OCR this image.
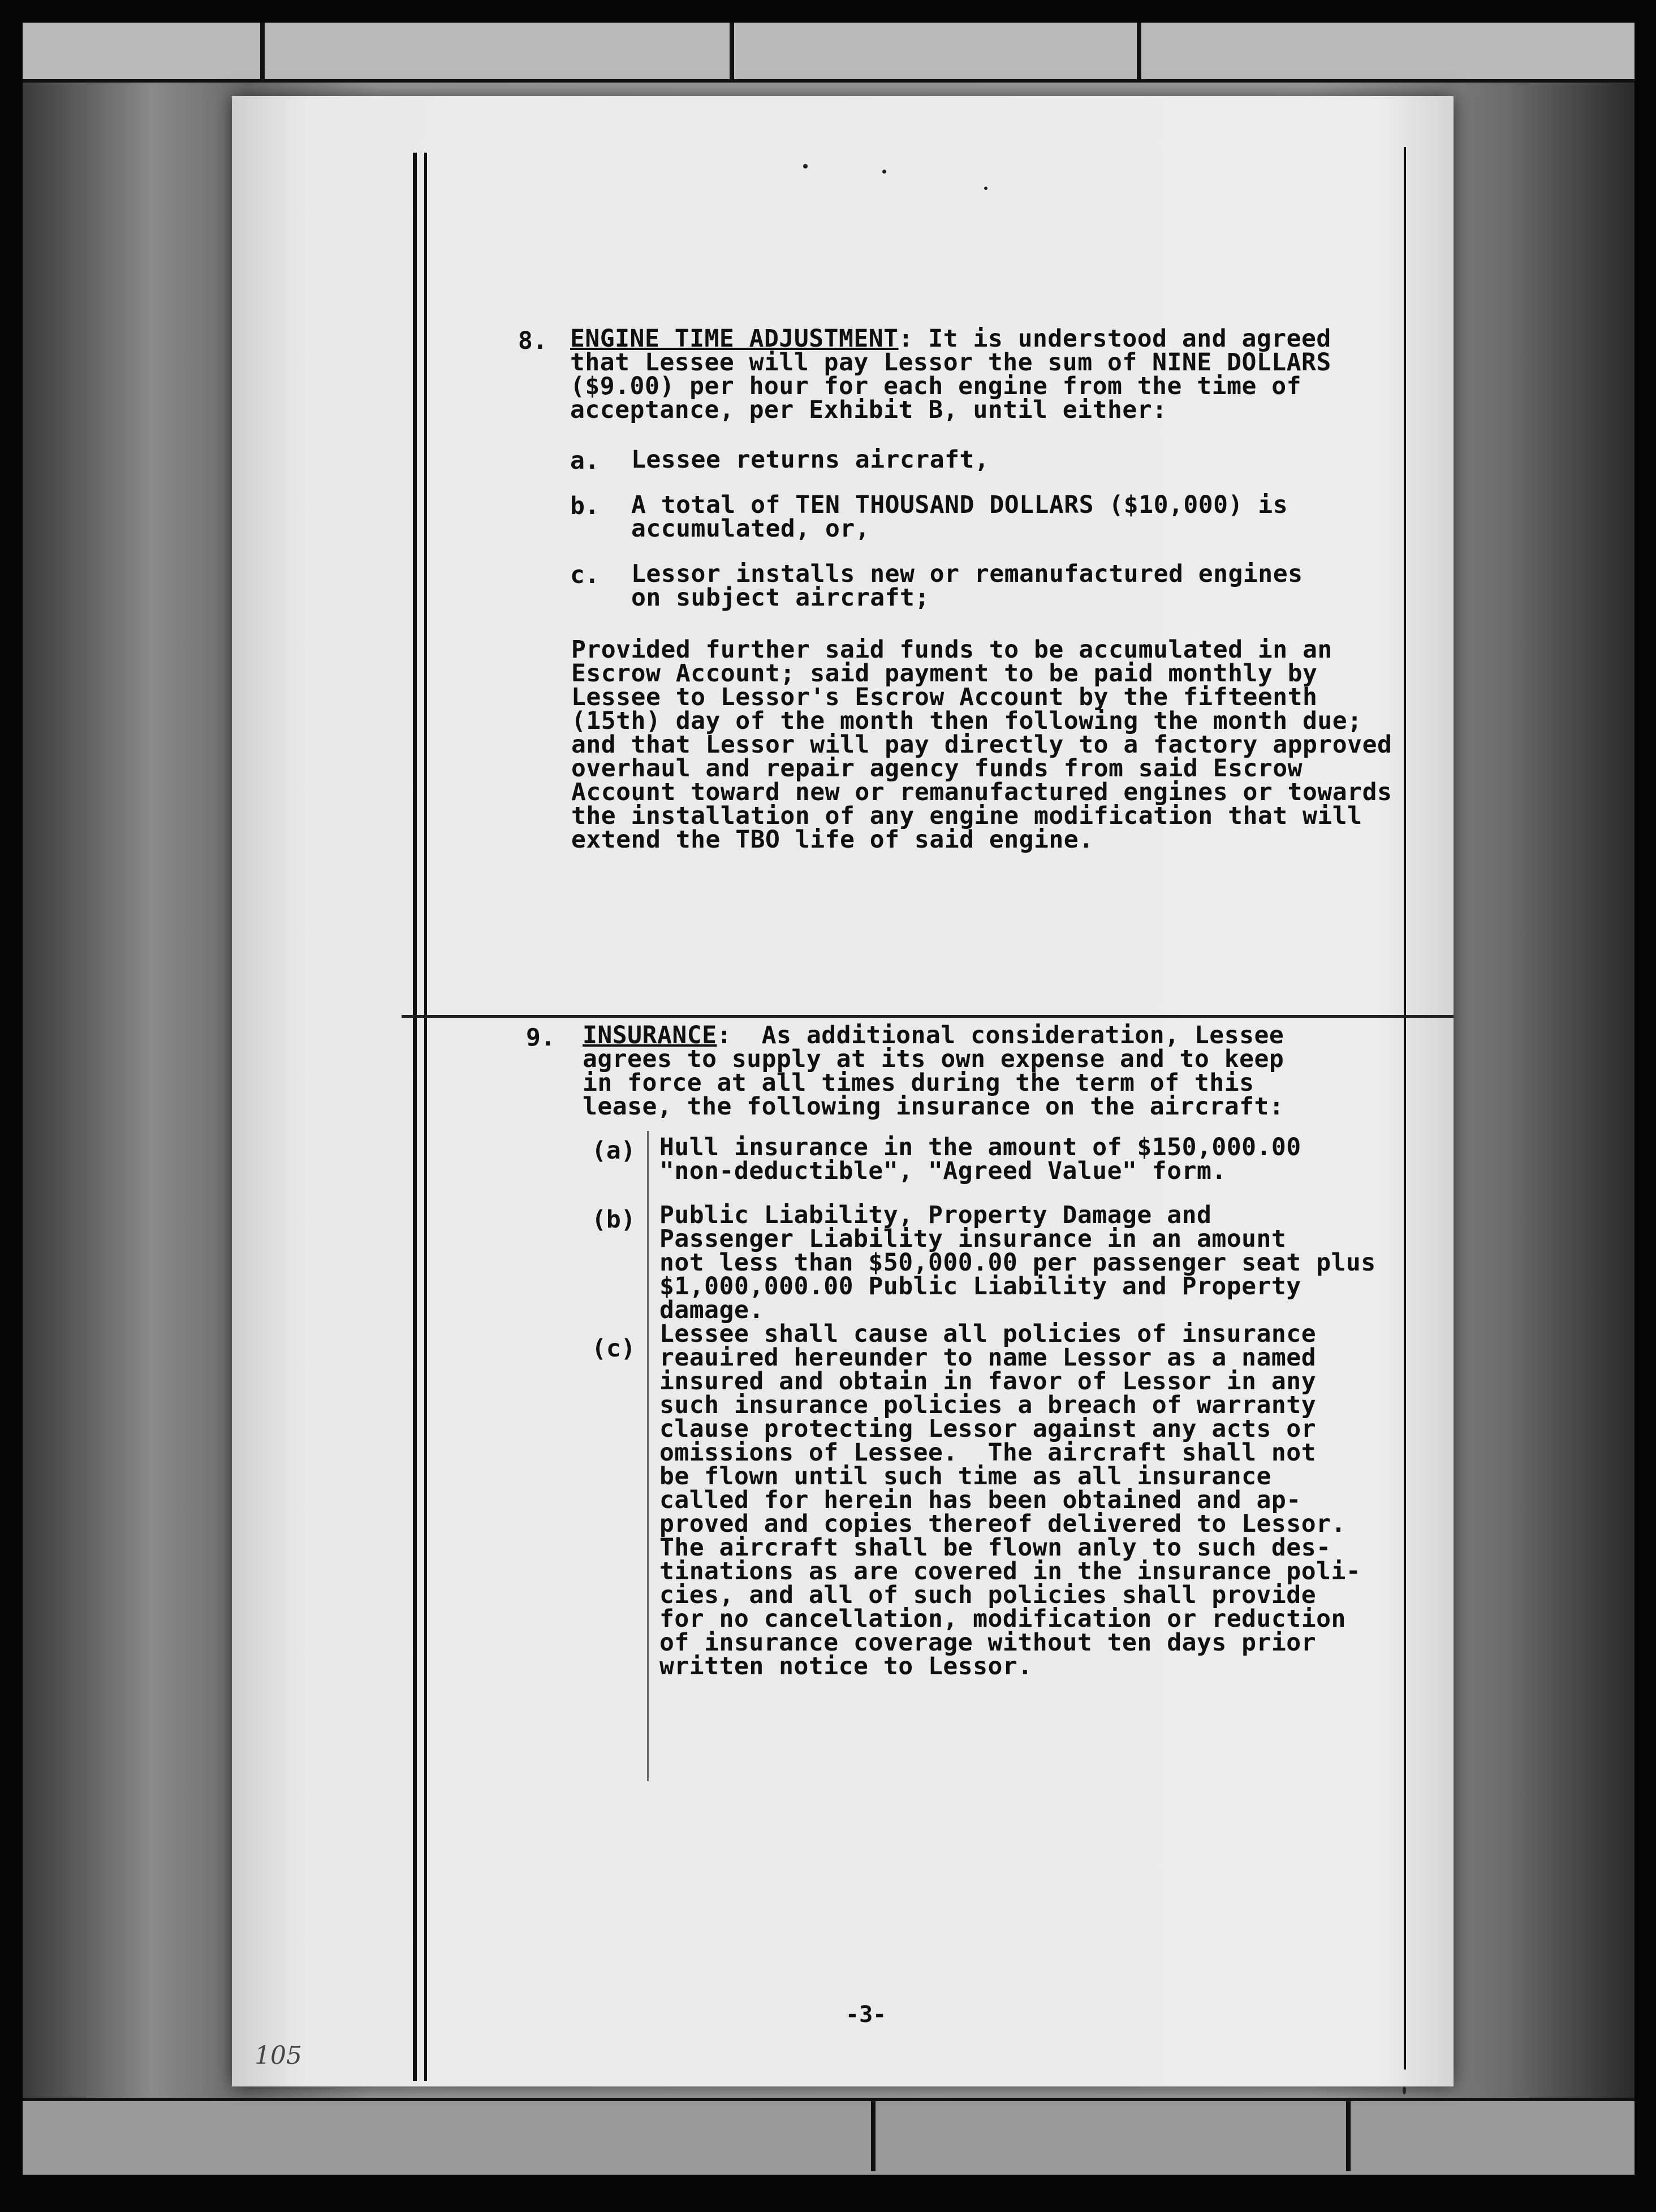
8. ENGINE TIME ADJUSTMENT: It is understood and agreed
that Lessee will pay Lessor the sum of NINE DOLLARS
($9.00) per hour for each engine from the time of
acceptance, per Exhibit B, until either:
a. Lessee returns aircraft,
b. A total of TEN THOUSAND DOLLARS ($10,000) is
accumulated, or,
c. Lessor installs new or remanufactured engines
on subject aircraft;
Provided further said funds to be accumulated in an
Escrow Account; said payment to be paid monthly by
Lessee to Lessor's Escrow Account by the fifteenth
(15th) day of the month then following the month due;
and that Lessor will pay directly to a factory approved
overhaul and repair agency funds from said Escrow
Account toward new or remanufactured engines or towards
the installation of any engine modification that will
extend the TBO life of said engine.
9. INSURANCE:  As additional consideration, Lessee
agrees to supply at its own expense and to keep
in force at all times during the term of this
lease, the following insurance on the aircraft:
(a) Hull insurance in the amount of $150,000.00
"non-deductible", "Agreed Value" form.
(b) Public Liability, Property Damage and
Passenger Liability insurance in an amount
not less than $50,000.00 per passenger seat plus
$1,000,000.00 Public Liability and Property
damage.
(c)
Lessee shall cause all policies of insurance
reauired hereunder to name Lessor as a named
insured and obtain in favor of Lessor in any
such insurance policies a breach of warranty
clause protecting Lessor against any acts or
omissions of Lessee.  The aircraft shall not
be flown until such time as all insurance
called for herein has been obtained and ap-
proved and copies thereof delivered to Lessor.
The aircraft shall be flown anly to such des-
tinations as are covered in the insurance poli-
cies, and all of such policies shall provide
for no cancellation, modification or reduction
of insurance coverage without ten days prior
written notice to Lessor.
-3-
105
